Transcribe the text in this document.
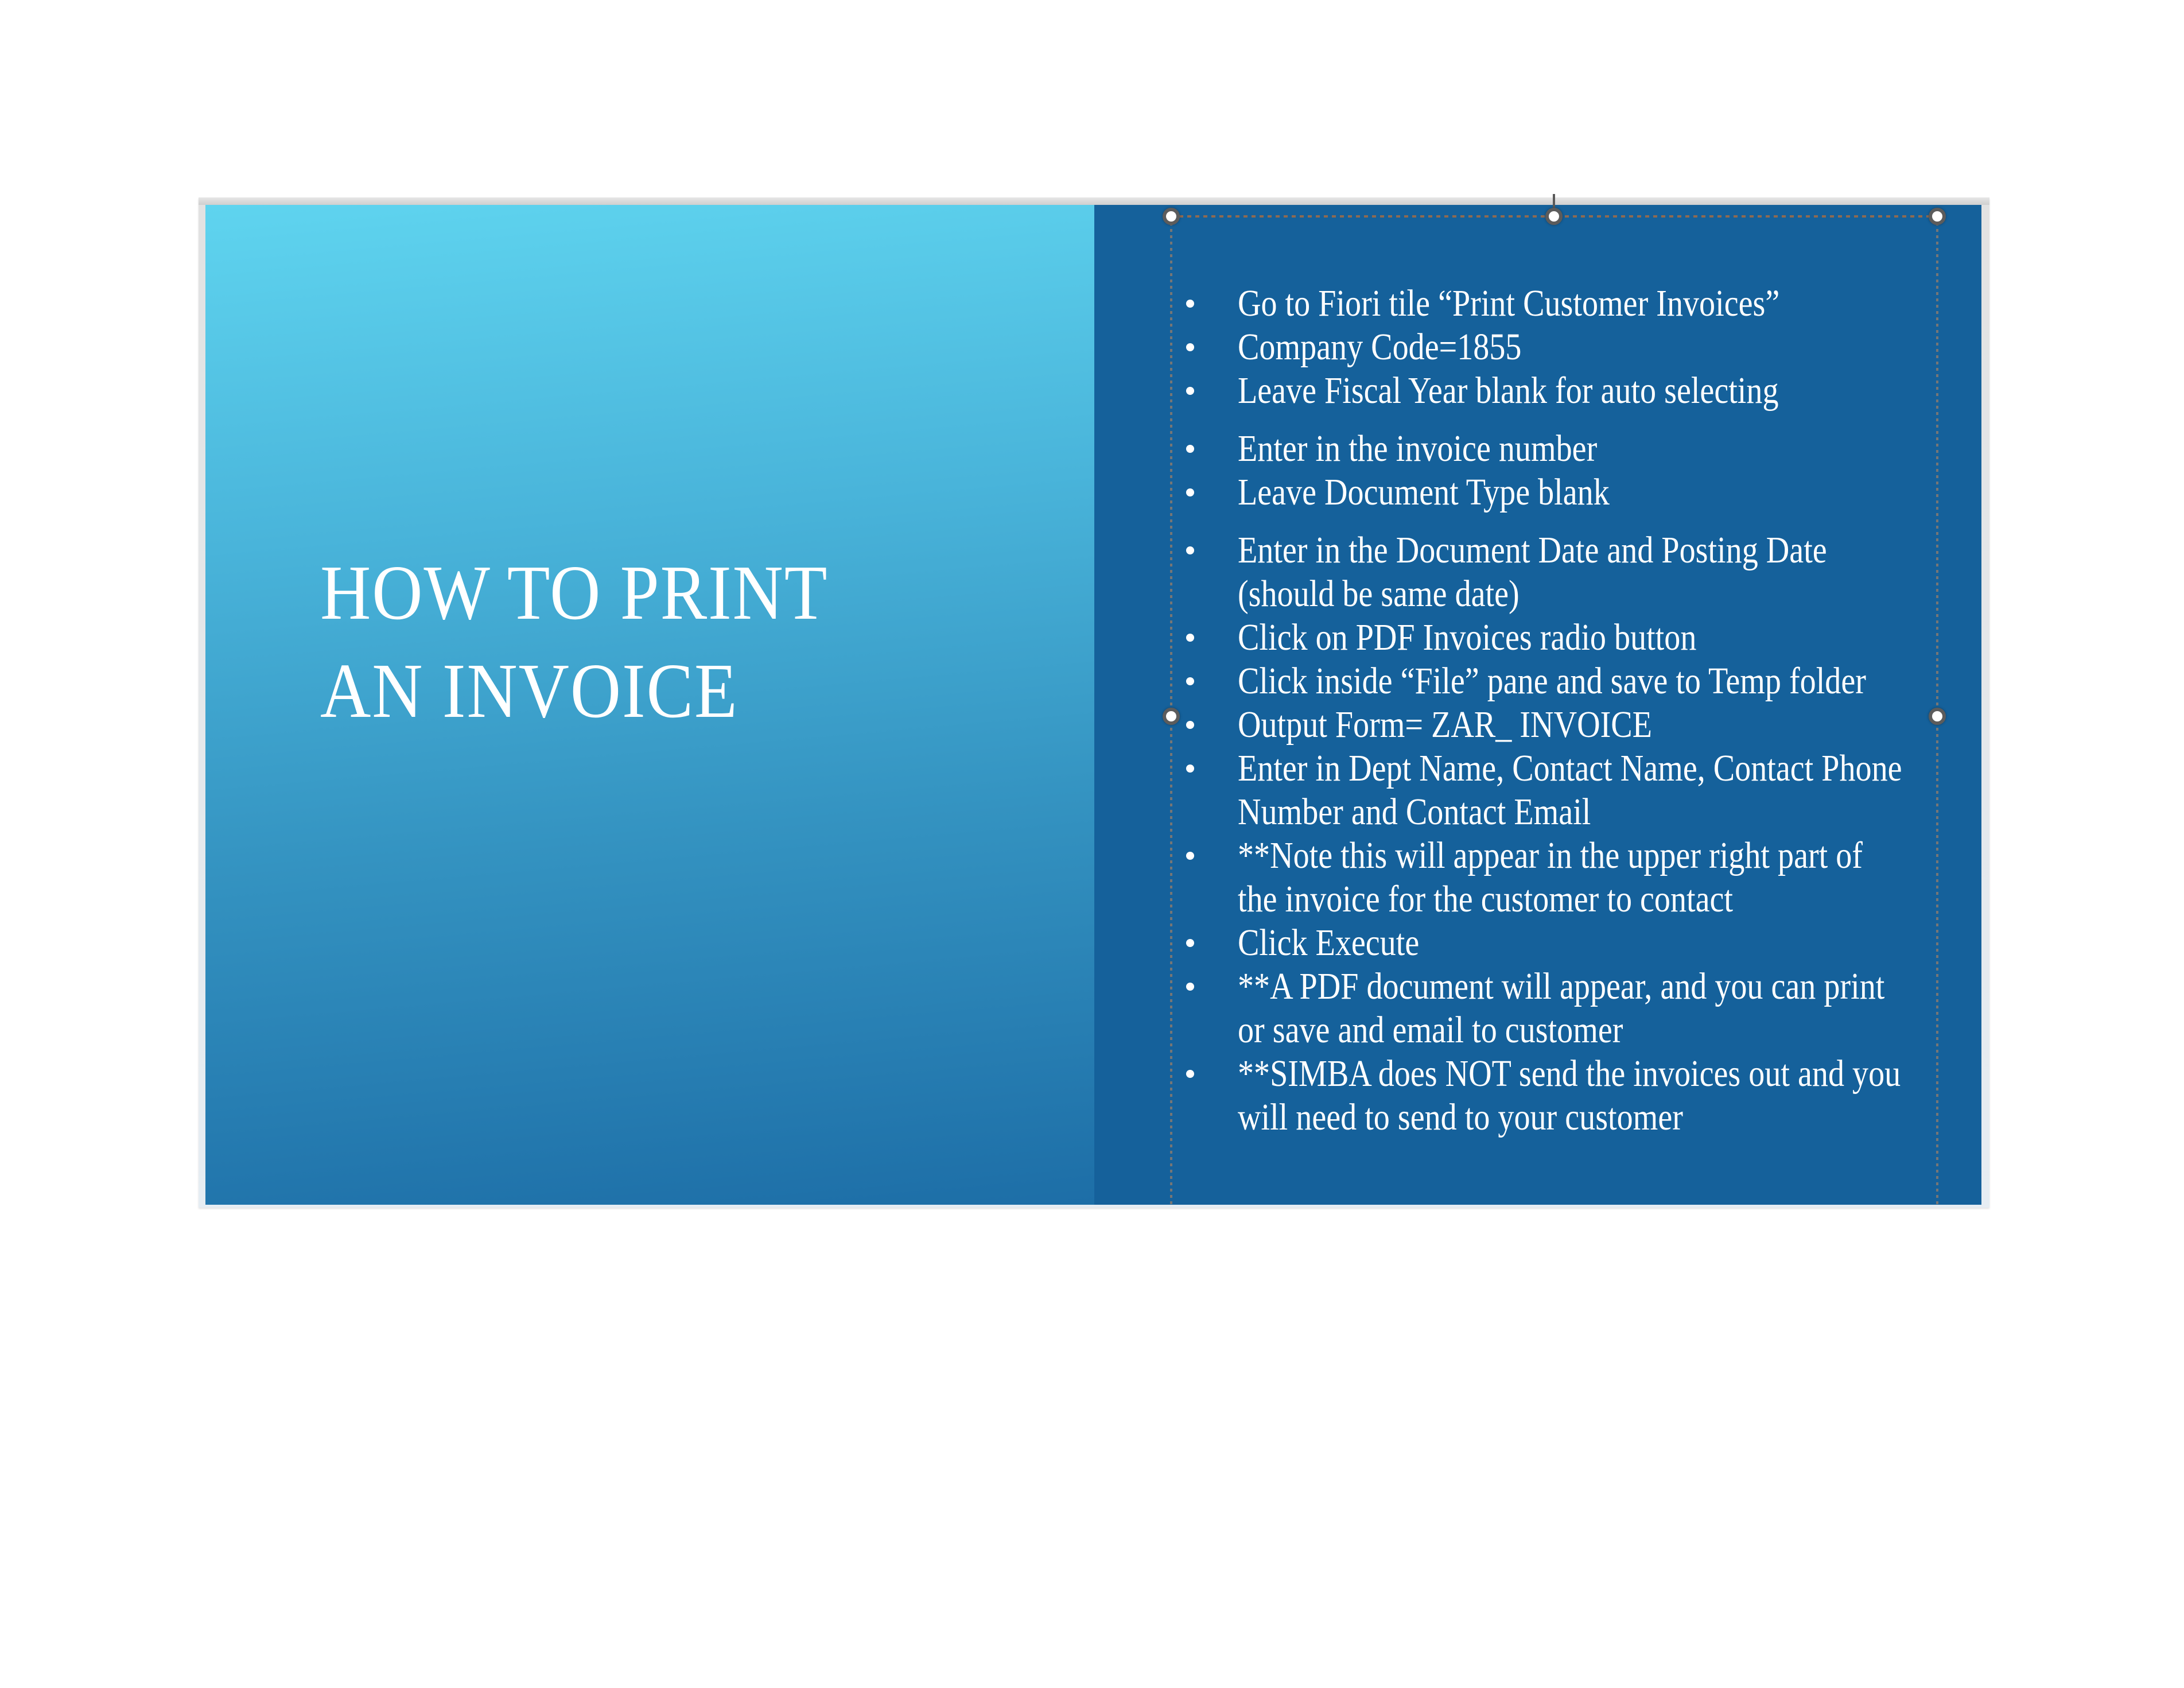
HOW TO PRINT
AN INVOICE
Go to Fiori tile “Print Customer Invoices”
Company Code=1855
Leave Fiscal Year blank for auto selecting
Enter in the invoice number
Leave Document Type blank
Enter in the Document Date and Posting Date
(should be same date)
Click on PDF Invoices radio button
Click inside “File” pane and save to Temp folder
Output Form= ZAR_ INVOICE
Enter in Dept Name, Contact Name, Contact Phone
Number and Contact Email
**Note this will appear in the upper right part of
the invoice for the customer to contact
Click Execute
**A PDF document will appear, and you can print
or save and email to customer
**SIMBA does NOT send the invoices out and you
will need to send to your customer
